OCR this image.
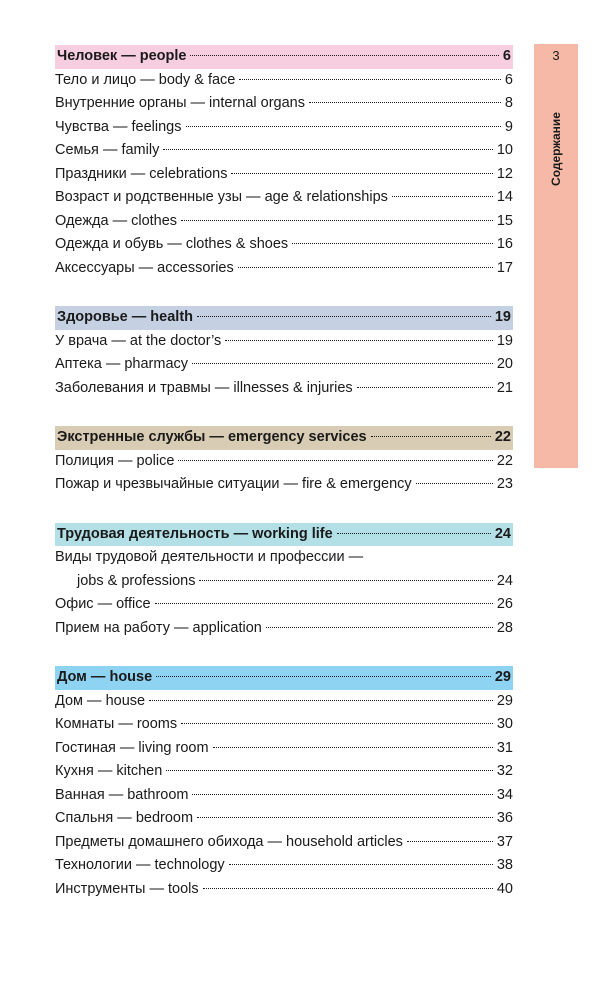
3
Содержание
Человек — people	6
Тело и лицо — body & face	6
Внутренние органы — internal organs	8
Чувства — feelings	9
Семья — family	10
Праздники — celebrations	12
Возраст и родственные узы — age & relationships	14
Одежда — clothes	15
Одежда и обувь — clothes & shoes	16
Аксессуары — accessories	17
Здоровье — health	19
У врача — at the doctor’s	19
Аптека — pharmacy	20
Заболевания и травмы — illnesses & injuries	21
Экстренные службы — emergency services	22
Полиция — police	22
Пожар и чрезвычайные ситуации — fire & emergency	23
Трудовая деятельность — working life	24
Виды трудовой деятельности и профессии —
jobs & professions	24
Офис — office	26
Прием на работу — application	28
Дом — house	29
Дом — house	29
Комнаты — rooms	30
Гостиная — living room	31
Кухня — kitchen	32
Ванная — bathroom	34
Спальня — bedroom	36
Предметы домашнего обихода — household articles	37
Технологии — technology	38
Инструменты — tools	40
